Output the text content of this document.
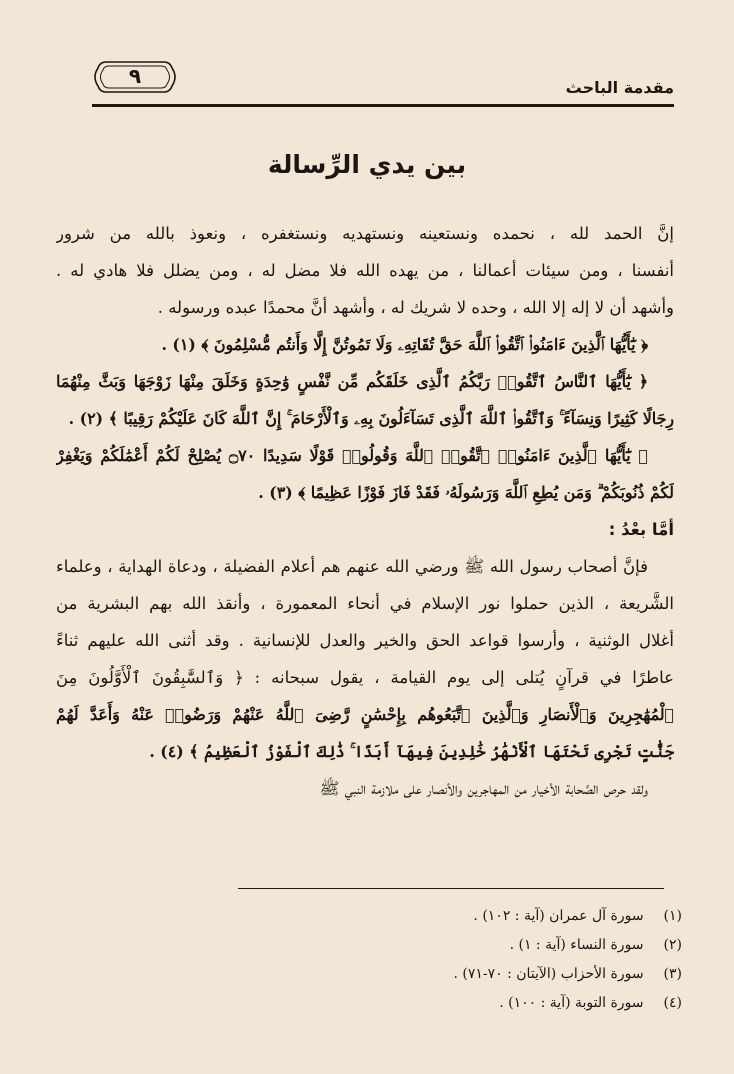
مقدمة الباحث
٩
بين يدي الرِّسالة
إنَّ الحمد لله ، نحمده ونستعينه ونستهديه ونستغفره ، ونعوذ بالله من شرور
أنفسنا ، ومن سيئات أعمالنا ، من يهده الله فلا مضل له ، ومن يضلل فلا هادي له .
وأشهد أن لا إله إلا الله ، وحده لا شريك له ، وأشهد أنَّ محمدًا عبده ورسوله .
﴿ يَٰٓأَيُّهَا ٱلَّذِينَ ءَامَنُوا۟ ٱتَّقُوا۟ ٱللَّهَ حَقَّ تُقَاتِهِۦ وَلَا تَمُوتُنَّ إِلَّا وَأَنتُم مُّسْلِمُونَ ﴾ (١) .
﴿ يَٰٓأَيُّهَا ٱلنَّاسُ ٱتَّقُوا۟ رَبَّكُمُ ٱلَّذِى خَلَقَكُم مِّن نَّفْسٍ وَٰحِدَةٍ وَخَلَقَ مِنْهَا زَوْجَهَا وَبَثَّ مِنْهُمَا
رِجَالًا كَثِيرًا وَنِسَآءً ۚ وَٱتَّقُوا۟ ٱللَّهَ ٱلَّذِى تَسَآءَلُونَ بِهِۦ وَٱلْأَرْحَامَ ۚ إِنَّ ٱللَّهَ كَانَ عَلَيْكُمْ رَقِيبًا ﴾ (٢) .
﴿ يَٰٓأَيُّهَا ٱلَّذِينَ ءَامَنُوا۟ ٱتَّقُوا۟ ٱللَّهَ وَقُولُوا۟ قَوْلًا سَدِيدًا ۝٧٠ يُصْلِحْ لَكُمْ أَعْمَٰلَكُمْ وَيَغْفِرْ
لَكُمْ ذُنُوبَكُمْ ۗ وَمَن يُطِعِ ٱللَّهَ وَرَسُولَهُۥ فَقَدْ فَازَ فَوْزًا عَظِيمًا ﴾ (٣) .
أمَّا بعْدُ :
فإنَّ أصحاب رسول الله ﷺ ورضي الله عنهم هم أعلام الفضيلة ، ودعاة الهداية ، وعلماء
الشَّريعة ، الذين حملوا نور الإسلام في أنحاء المعمورة ، وأنقذ الله بهم البشرية من
أغلال الوثنية ، وأرسوا قواعد الحق والخير والعدل للإنسانية . وقد أثنى الله عليهم ثناءً
عاطرًا في قرآنٍ يُتلى إلى يوم القيامة ، يقول سبحانه : ﴿ وَٱلسَّٰبِقُونَ ٱلْأَوَّلُونَ مِنَ
ٱلْمُهَٰجِرِينَ وَٱلْأَنصَارِ وَٱلَّذِينَ ٱتَّبَعُوهُم بِإِحْسَٰنٍ رَّضِىَ ٱللَّهُ عَنْهُمْ وَرَضُوا۟ عَنْهُ وَأَعَدَّ لَهُمْ
جَنَّٰتٍ تَجْرِى تَحْتَهَا ٱلْأَنْهَٰرُ خَٰلِدِينَ فِيهَآ أَبَدًا ۚ ذَٰلِكَ ٱلْفَوْزُ ٱلْعَظِيمُ ﴾ (٤) .
ولقد حرص الصَّحابة الأخيار من المهاجرين والأنصار على ملازمة النبي ﷺ
(١) سورة آل عمران (آية : ١٠٢) .
(٢) سورة النساء (آية : ١) .
(٣) سورة الأحزاب (الآيتان : ٧٠-٧١) .
(٤) سورة التوبة (آية : ١٠٠) .
